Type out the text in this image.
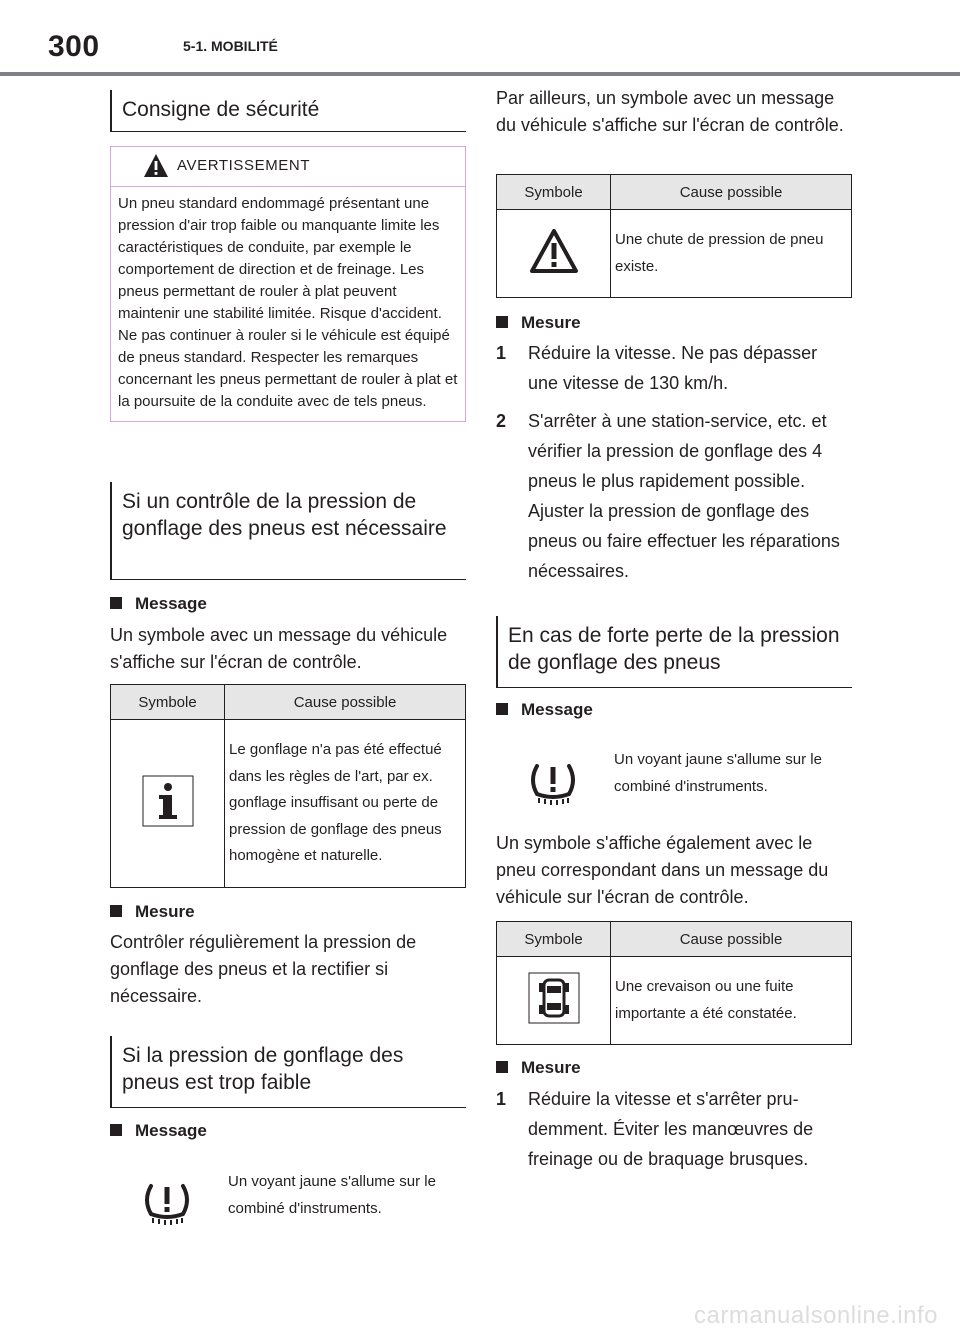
300	5-1. MOBILITÉ
Consigne de sécurité
AVERTISSEMENT
Un pneu standard endommagé présentant une pression d'air trop faible ou manquante limite les caractéristiques de conduite, par exemple le comportement de direction et de freinage. Les pneus permettant de rouler à plat peuvent maintenir une stabilité limitée. Risque d'accident. Ne pas continuer à rouler si le véhicule est équipé de pneus standard. Respecter les remarques concernant les pneus permettant de rouler à plat et la poursuite de la conduite avec de tels pneus.
Si un contrôle de la pression de gonflage des pneus est nécessaire
Message
Un symbole avec un message du véhicule s'affiche sur l'écran de contrôle.
Symbole	Cause possible
	Le gonflage n'a pas été effectué dans les règles de l'art, par ex. gonflage insuffisant ou perte de pression de gonflage des pneus homogène et naturelle.
Mesure
Contrôler régulièrement la pression de gonflage des pneus et la rectifier si nécessaire.
Si la pression de gonflage des pneus est trop faible
Message
Un voyant jaune s'allume sur le combiné d'instruments.
Par ailleurs, un symbole avec un message du véhicule s'affiche sur l'écran de contrôle.
Symbole	Cause possible
	Une chute de pression de pneu existe.
Mesure
1 Réduire la vitesse. Ne pas dépasser une vitesse de 130 km/h.
2 S'arrêter à une station-service, etc. et vérifier la pression de gonflage des 4 pneus le plus rapidement possible. Ajuster la pression de gonflage des pneus ou faire effectuer les réparations nécessaires.
En cas de forte perte de la pression de gonflage des pneus
Message
Un voyant jaune s'allume sur le combiné d'instruments.
Un symbole s'affiche également avec le pneu correspondant dans un message du véhicule sur l'écran de contrôle.
Symbole	Cause possible
	Une crevaison ou une fuite importante a été constatée.
Mesure
1 Réduire la vitesse et s'arrêter prudemment. Éviter les manœuvres de freinage ou de braquage brusques.
carmanualsonline.info
